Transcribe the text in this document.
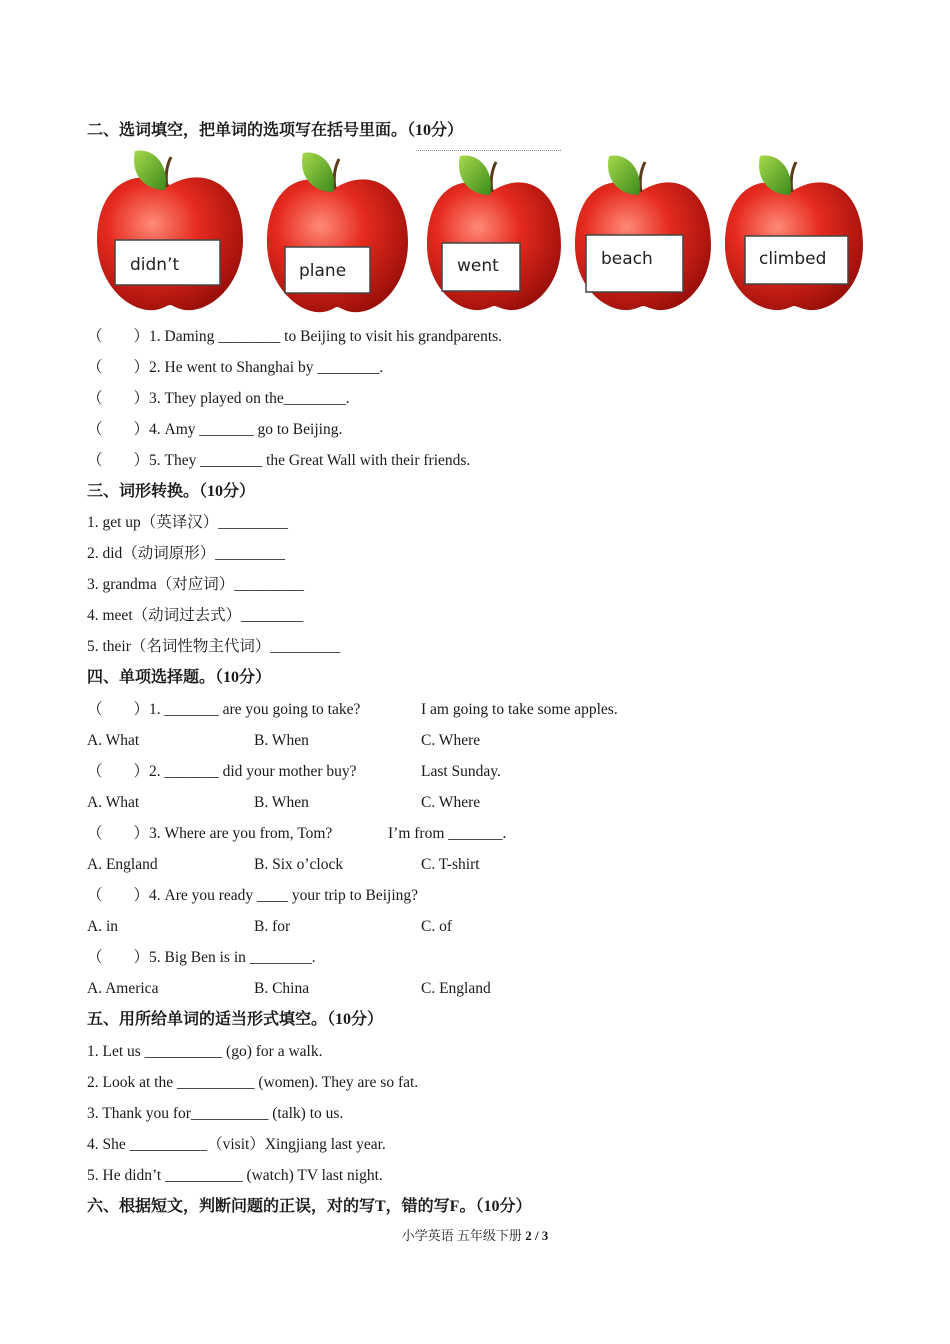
二、选词填空，把单词的选项写在括号里面。（10分）
didn’t	plane	went	beach	climbed
（        ）1. Daming ________ to Beijing to visit his grandparents.
（        ）2. He went to Shanghai by ________.
（        ）3. They played on the________.
（        ）4. Amy _______ go to Beijing.
（        ）5. They ________ the Great Wall with their friends.
三、词形转换。（10分）
1. get up（英译汉）_________
2. did（动词原形）_________
3. grandma（对应词）_________
4. meet（动词过去式）________
5. their（名词性物主代词）_________
四、单项选择题。（10分）
（        ）1. _______ are you going to take?	I am going to take some apples.
A. What	B. When	C. Where
（        ）2. _______ did your mother buy?	Last Sunday.
A. What	B. When	C. Where
（        ）3. Where are you from, Tom?	I’m from _______.
A. England	B. Six o’clock	C. T-shirt
（        ）4. Are you ready ____ your trip to Beijing?
A. in	B. for	C. of
（        ）5. Big Ben is in ________.
A. America	B. China	C. England
五、用所给单词的适当形式填空。（10分）
1. Let us __________ (go) for a walk.
2. Look at the __________ (women). They are so fat.
3. Thank you for__________ (talk) to us.
4. She __________（visit）Xingjiang last year.
5. He didn’t __________ (watch) TV last night.
六、根据短文，判断问题的正误，对的写T，错的写F。（10分）
小学英语 五年级下册 2 / 3
